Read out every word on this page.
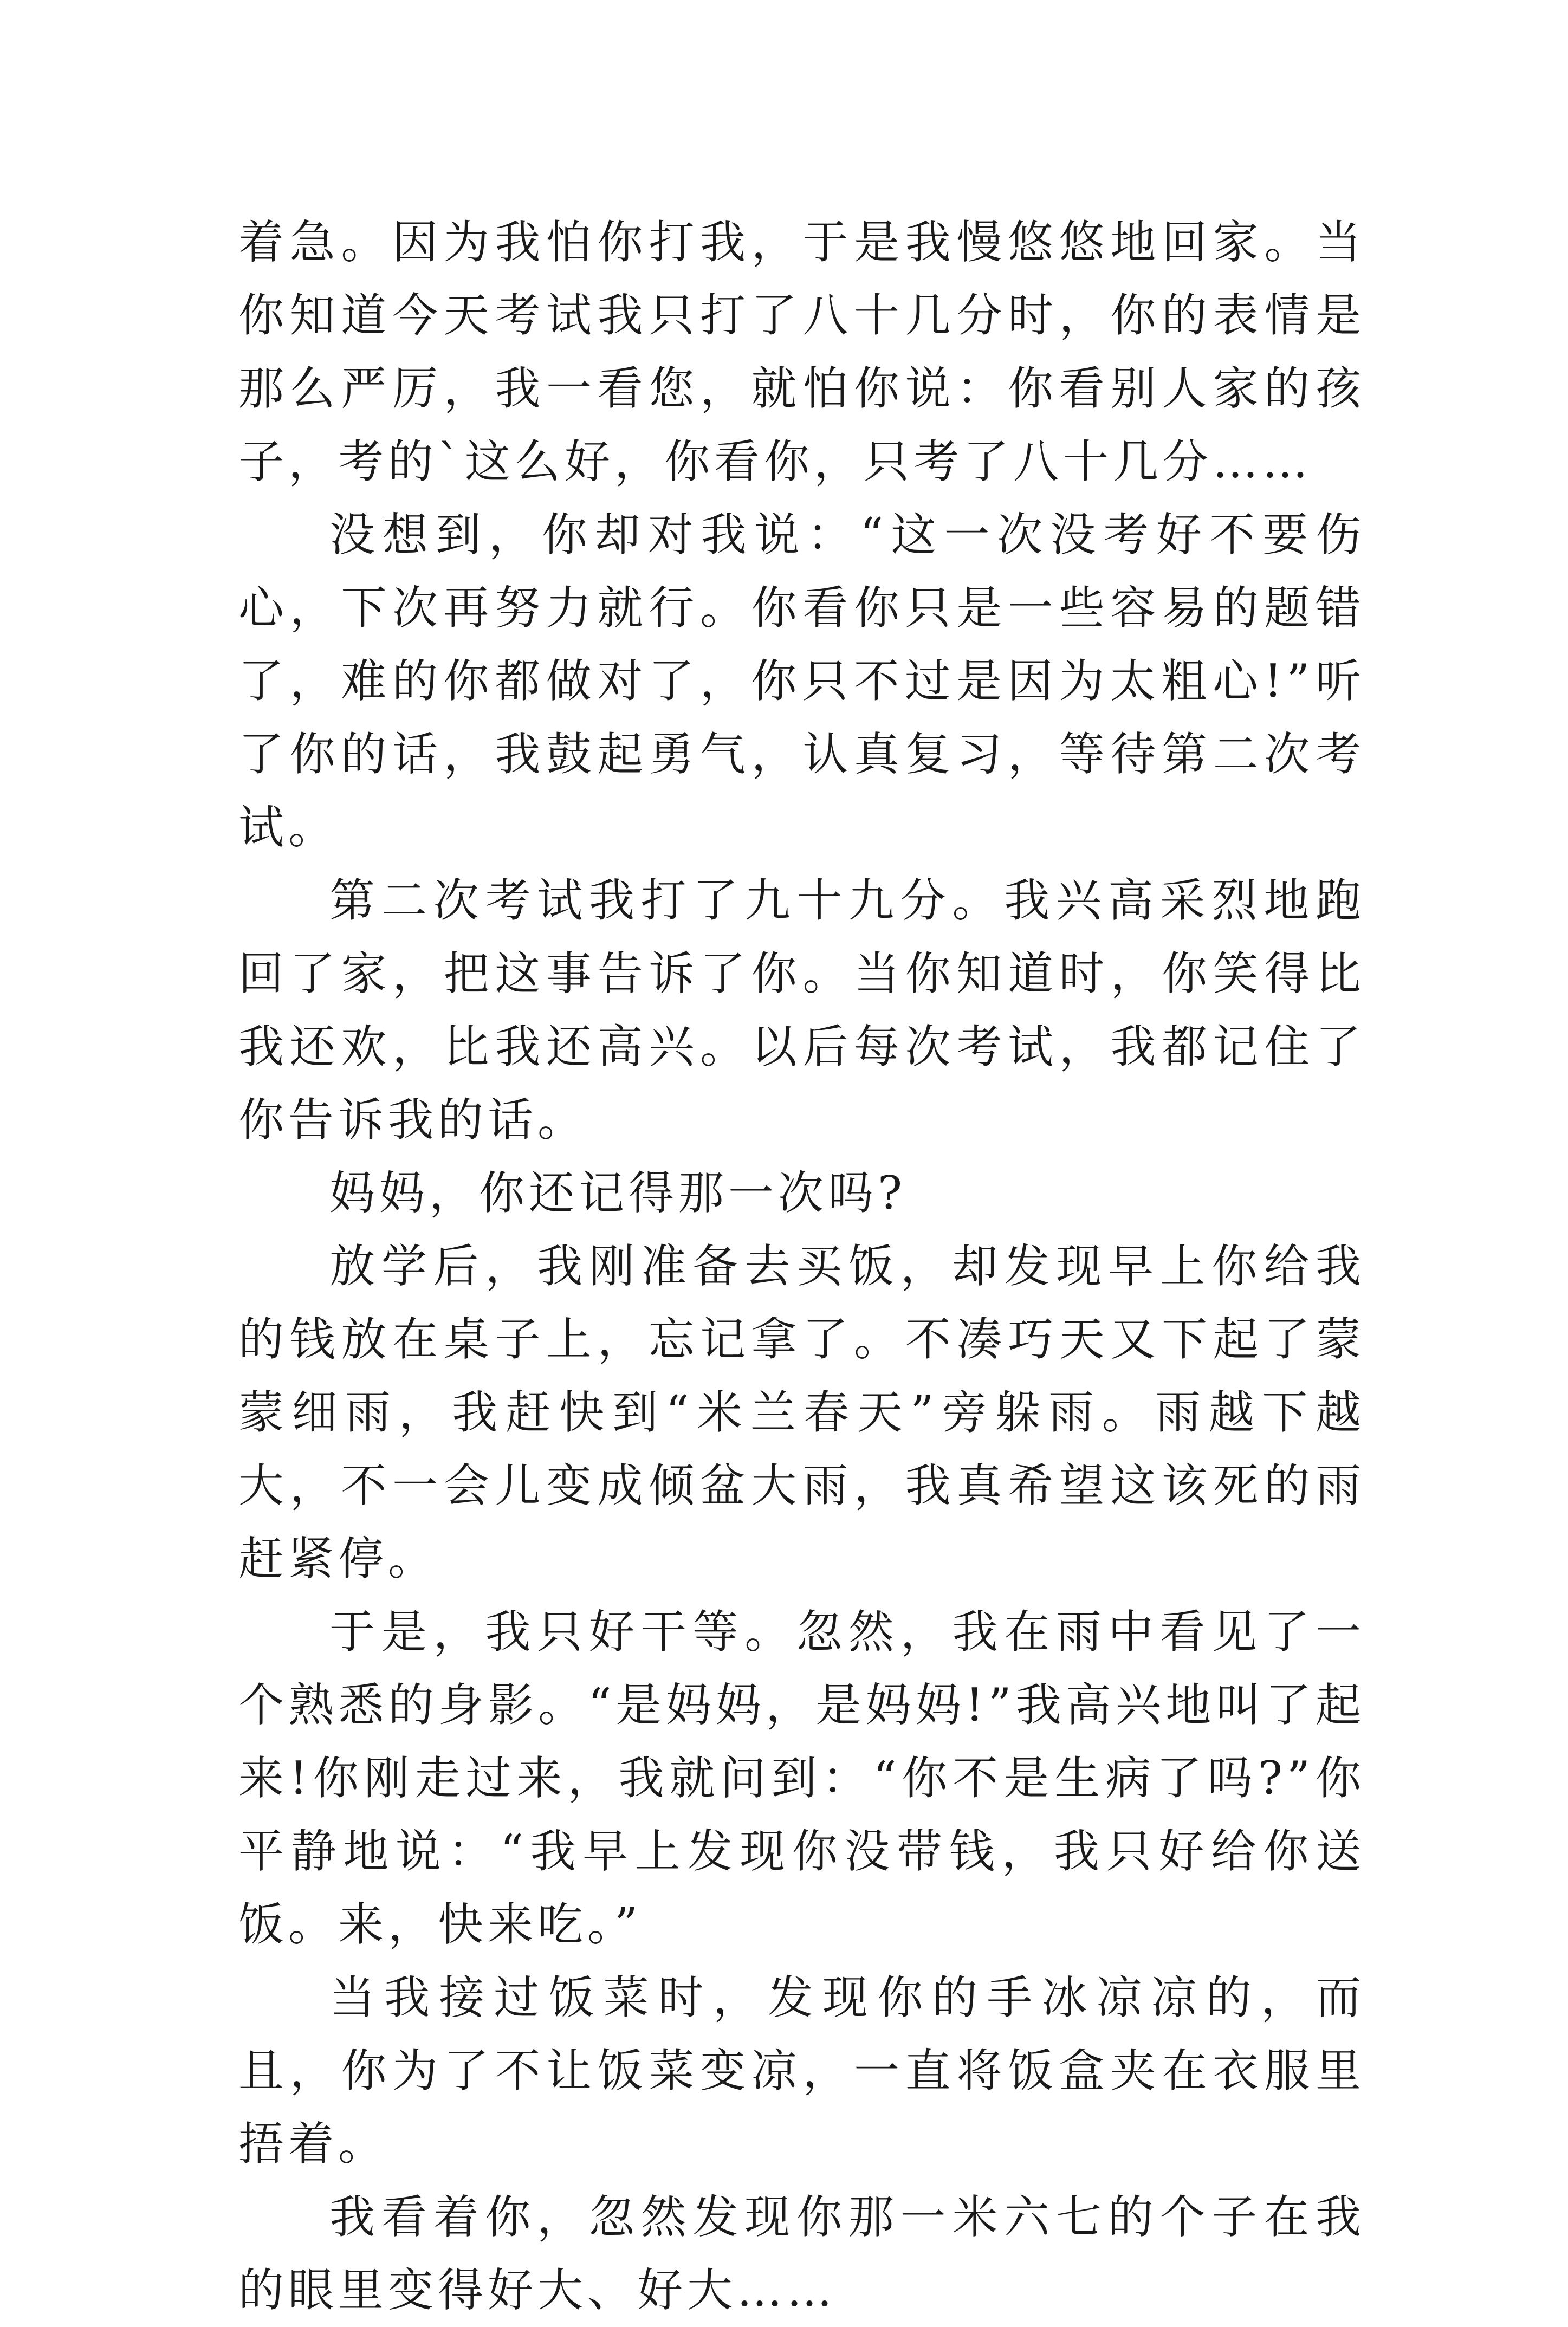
着急。因为我怕你打我，于是我慢悠悠地回家。当你知道今天考试我只打了八十几分时，你的表情是那么严厉，我一看您，就怕你说：你看别人家的孩子，考的`这么好，你看你，只考了八十几分……

没想到，你却对我说：“这一次没考好不要伤心，下次再努力就行。你看你只是一些容易的题错了，难的你都做对了，你只不过是因为太粗心!”听了你的话，我鼓起勇气，认真复习，等待第二次考试。

第二次考试我打了九十九分。我兴高采烈地跑回了家，把这事告诉了你。当你知道时，你笑得比我还欢，比我还高兴。以后每次考试，我都记住了你告诉我的话。

妈妈，你还记得那一次吗?

放学后，我刚准备去买饭，却发现早上你给我的钱放在桌子上，忘记拿了。不凑巧天又下起了蒙蒙细雨，我赶快到“米兰春天”旁躲雨。雨越下越大，不一会儿变成倾盆大雨，我真希望这该死的雨赶紧停。

于是，我只好干等。忽然，我在雨中看见了一个熟悉的身影。“是妈妈，是妈妈!”我高兴地叫了起来!你刚走过来，我就问到：“你不是生病了吗?”你平静地说：“我早上发现你没带钱，我只好给你送饭。来，快来吃。”

当我接过饭菜时，发现你的手冰凉凉的，而且，你为了不让饭菜变凉，一直将饭盒夹在衣服里捂着。

我看着你，忽然发现你那一米六七的个子在我的眼里变得好大、好大……
